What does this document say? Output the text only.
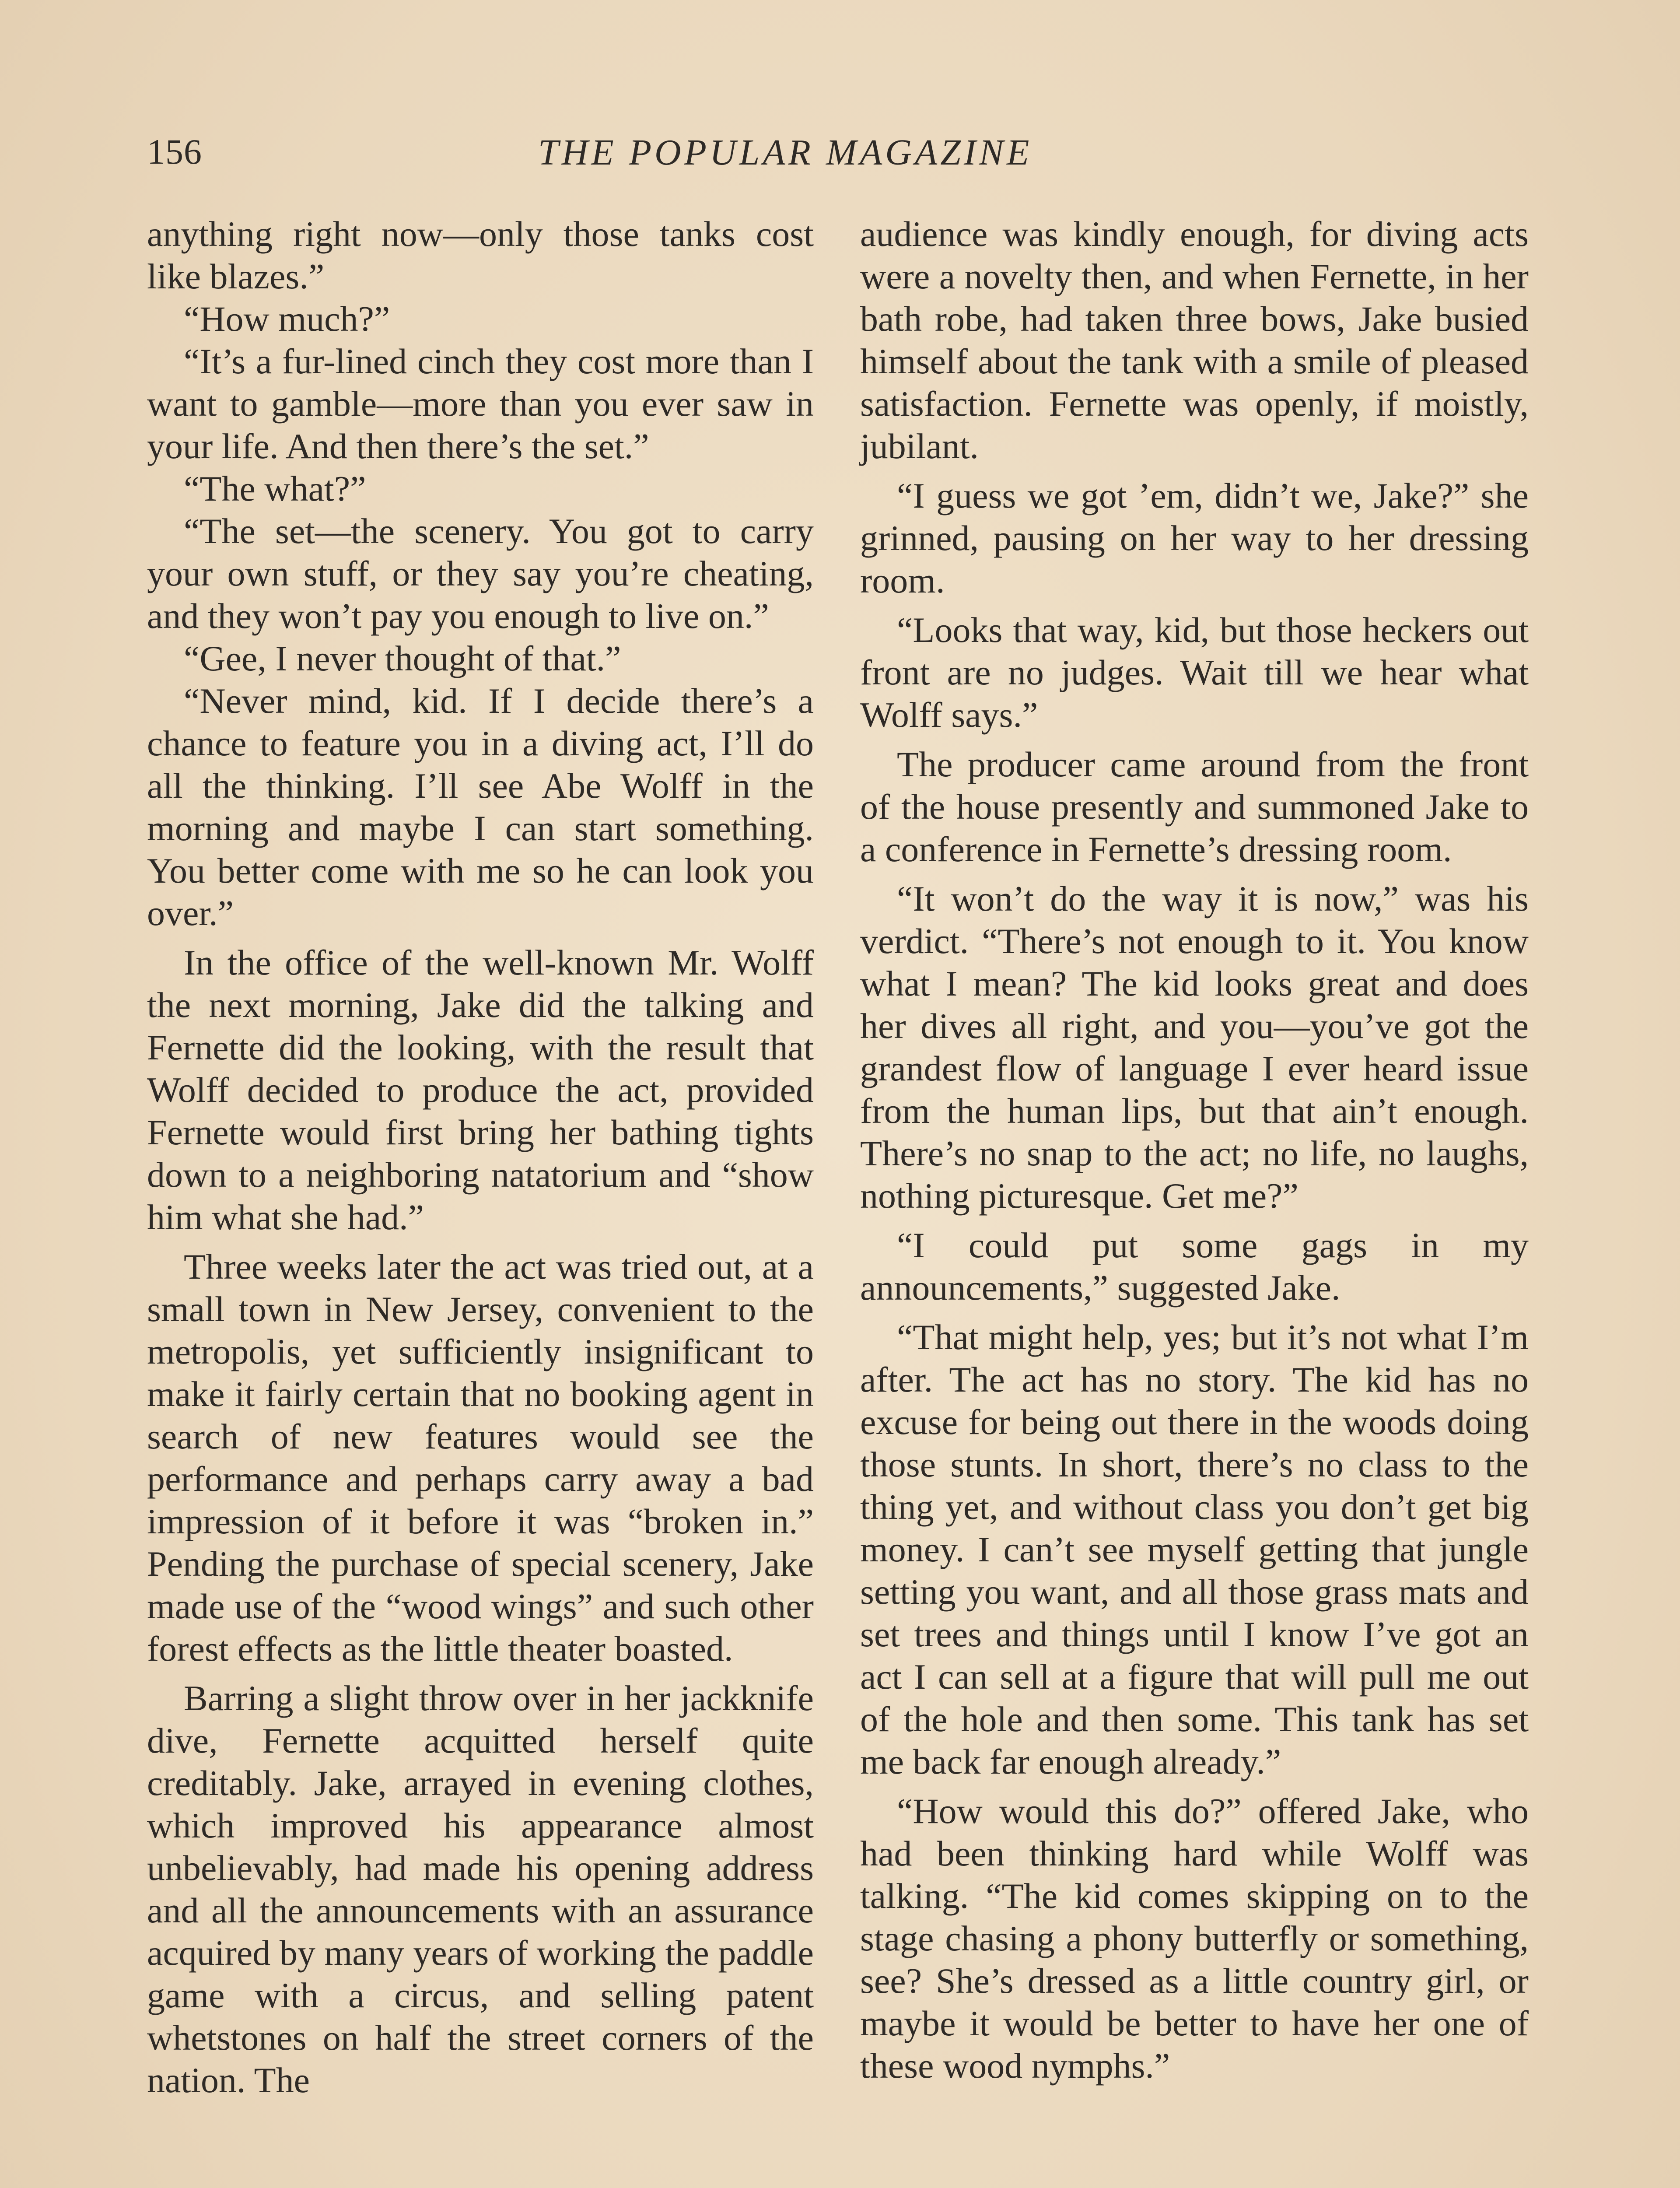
156	THE POPULAR MAGAZINE

anything right now—only those tanks cost like blazes.”

“How much?”

“It’s a fur-lined cinch they cost more than I want to gamble—more than you ever saw in your life. And then there’s the set.”

“The what?”

“The set—the scenery. You got to carry your own stuff, or they say you’re cheating, and they won’t pay you enough to live on.”

“Gee, I never thought of that.”

“Never mind, kid. If I decide there’s a chance to feature you in a diving act, I’ll do all the thinking. I’ll see Abe Wolff in the morning and maybe I can start something. You better come with me so he can look you over.”

In the office of the well-known Mr. Wolff the next morning, Jake did the talking and Fernette did the looking, with the result that Wolff decided to produce the act, provided Fernette would first bring her bathing tights down to a neighboring natatorium and “show him what she had.”

Three weeks later the act was tried out, at a small town in New Jersey, convenient to the metropolis, yet sufficiently insignificant to make it fairly certain that no booking agent in search of new features would see the performance and perhaps carry away a bad impression of it before it was “broken in.” Pending the purchase of special scenery, Jake made use of the “wood wings” and such other forest effects as the little theater boasted.

Barring a slight throw over in her jackknife dive, Fernette acquitted herself quite creditably. Jake, arrayed in evening clothes, which improved his appearance almost unbelievably, had made his opening address and all the announcements with an assurance acquired by many years of working the paddle game with a circus, and selling patent whetstones on half the street corners of the nation. The

audience was kindly enough, for diving acts were a novelty then, and when Fernette, in her bath robe, had taken three bows, Jake busied himself about the tank with a smile of pleased satisfaction. Fernette was openly, if moistly, jubilant.

“I guess we got ’em, didn’t we, Jake?” she grinned, pausing on her way to her dressing room.

“Looks that way, kid, but those heckers out front are no judges. Wait till we hear what Wolff says.”

The producer came around from the front of the house presently and summoned Jake to a conference in Fernette’s dressing room.

“It won’t do the way it is now,” was his verdict. “There’s not enough to it. You know what I mean? The kid looks great and does her dives all right, and you—you’ve got the grandest flow of language I ever heard issue from the human lips, but that ain’t enough. There’s no snap to the act; no life, no laughs, nothing picturesque. Get me?”

“I could put some gags in my announcements,” suggested Jake.

“That might help, yes; but it’s not what I’m after. The act has no story. The kid has no excuse for being out there in the woods doing those stunts. In short, there’s no class to the thing yet, and without class you don’t get big money. I can’t see myself getting that jungle setting you want, and all those grass mats and set trees and things until I know I’ve got an act I can sell at a figure that will pull me out of the hole and then some. This tank has set me back far enough already.”

“How would this do?” offered Jake, who had been thinking hard while Wolff was talking. “The kid comes skipping on to the stage chasing a phony butterfly or something, see? She’s dressed as a little country girl, or maybe it would be better to have her one of these wood nymphs.”
